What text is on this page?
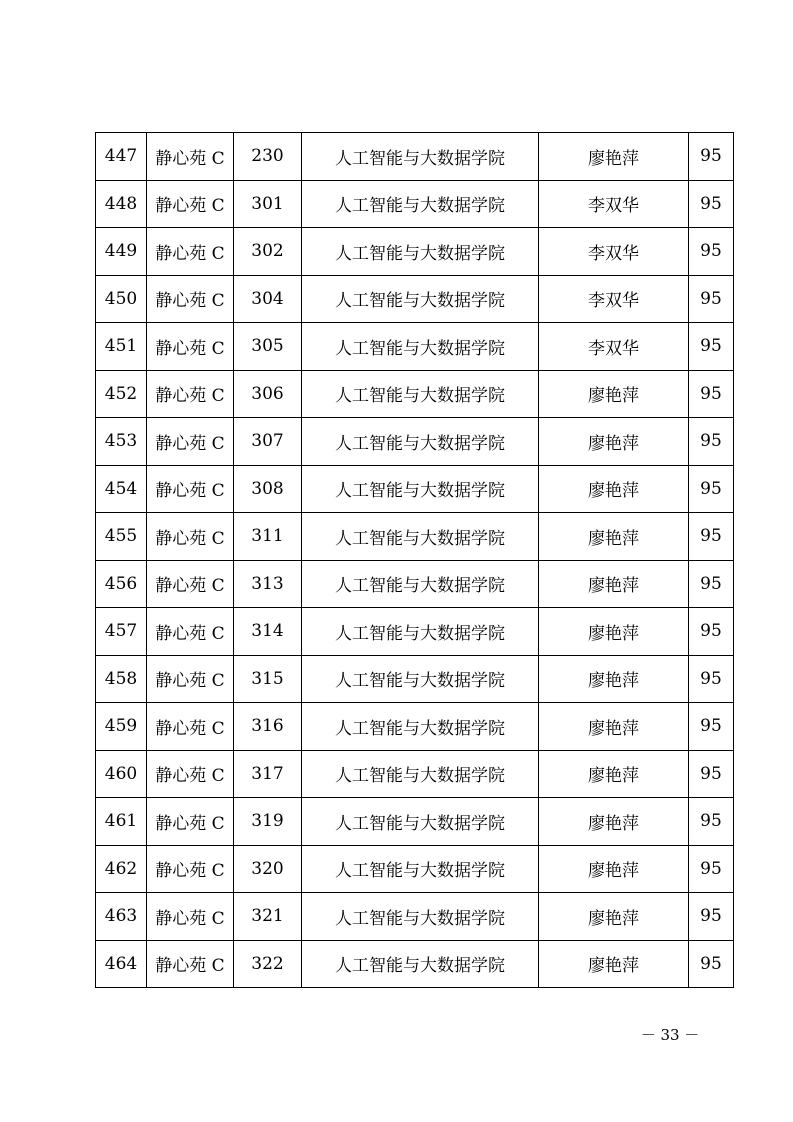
447	静心苑 C	230	人工智能与大数据学院	廖艳萍	95
448	静心苑 C	301	人工智能与大数据学院	李双华	95
449	静心苑 C	302	人工智能与大数据学院	李双华	95
450	静心苑 C	304	人工智能与大数据学院	李双华	95
451	静心苑 C	305	人工智能与大数据学院	李双华	95
452	静心苑 C	306	人工智能与大数据学院	廖艳萍	95
453	静心苑 C	307	人工智能与大数据学院	廖艳萍	95
454	静心苑 C	308	人工智能与大数据学院	廖艳萍	95
455	静心苑 C	311	人工智能与大数据学院	廖艳萍	95
456	静心苑 C	313	人工智能与大数据学院	廖艳萍	95
457	静心苑 C	314	人工智能与大数据学院	廖艳萍	95
458	静心苑 C	315	人工智能与大数据学院	廖艳萍	95
459	静心苑 C	316	人工智能与大数据学院	廖艳萍	95
460	静心苑 C	317	人工智能与大数据学院	廖艳萍	95
461	静心苑 C	319	人工智能与大数据学院	廖艳萍	95
462	静心苑 C	320	人工智能与大数据学院	廖艳萍	95
463	静心苑 C	321	人工智能与大数据学院	廖艳萍	95
464	静心苑 C	322	人工智能与大数据学院	廖艳萍	95
－ 33 －
